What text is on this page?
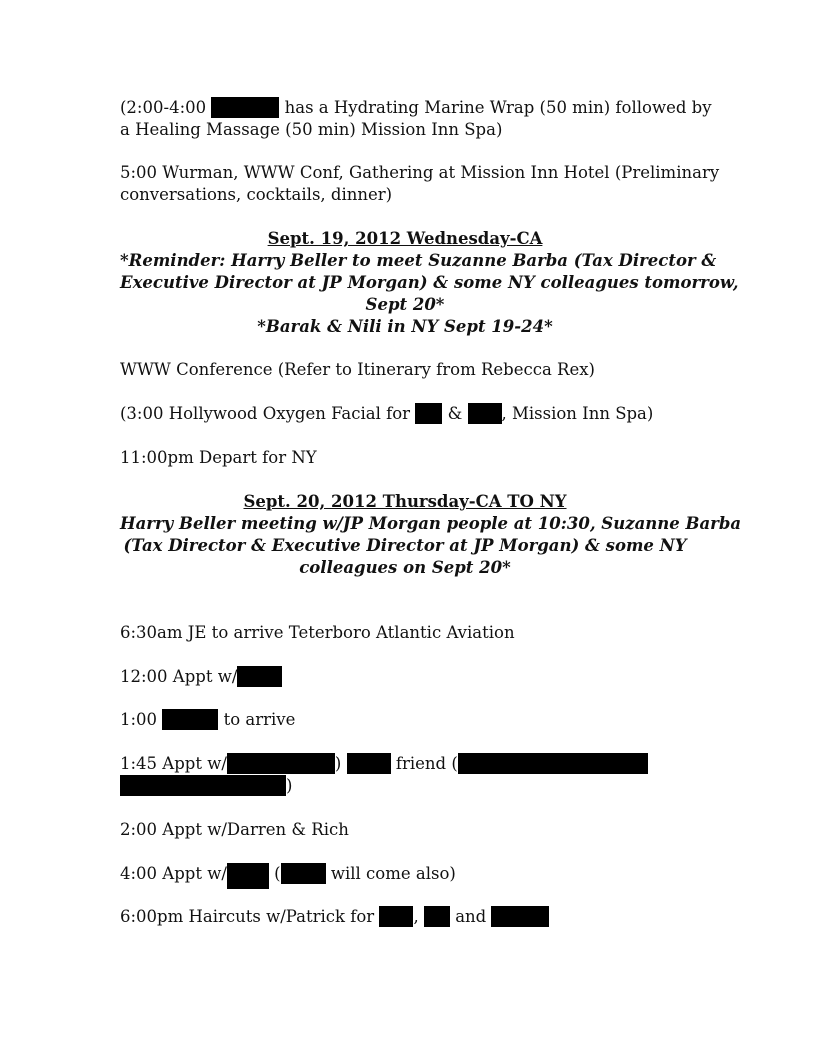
(2:00-4:00	has a Hydrating Marine Wrap (50 min) followed by
a Healing Massage (50 min) Mission Inn Spa)
5:00 Wurman, WWW Conf, Gathering at Mission Inn Hotel (Preliminary
conversations, cocktails, dinner)
Sept. 19, 2012 Wednesday-CA
*Reminder: Harry Beller to meet Suzanne Barba (Tax Director &
Executive Director at JP Morgan) & some NY colleagues tomorrow,
Sept 20*
*Barak & Nili in NY Sept 19-24*
WWW Conference (Refer to Itinerary from Rebecca Rex)
(3:00 Hollywood Oxygen Facial for & , Mission Inn Spa)
11:00pm Depart for NY
Sept. 20, 2012 Thursday-CA TO NY
Harry Beller meeting w/JP Morgan people at 10:30, Suzanne Barba
(Tax Director & Executive Director at JP Morgan) & some NY
colleagues on Sept 20*
6:30am JE to arrive Teterboro Atlantic Aviation
12:00 Appt w/
1:00	to arrive
1:45 Appt w/	)	friend (
)
2:00 Appt w/Darren & Rich
4:00 Appt w/	(	will come also)
6:00pm Haircuts w/Patrick for , and
